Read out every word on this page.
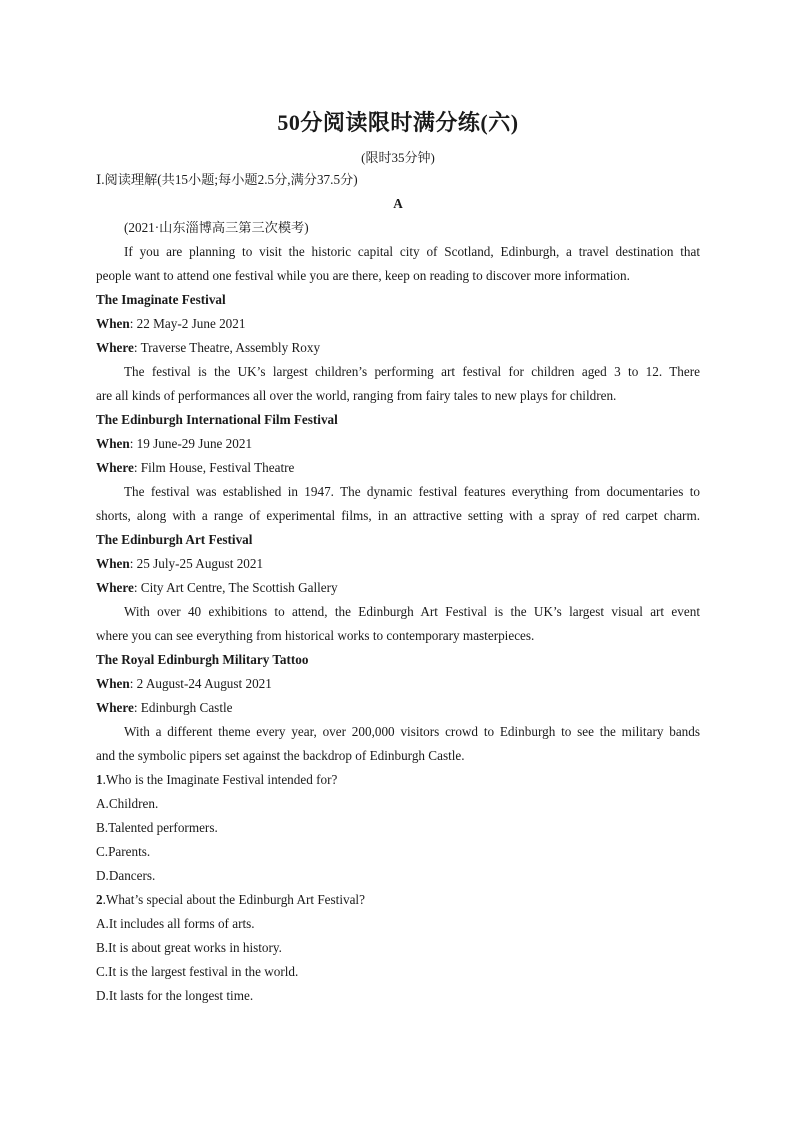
50分阅读限时满分练(六)
(限时35分钟)
Ⅰ.阅读理解(共15小题;每小题2.5分,满分37.5分)
A
(2021·山东淄博高三第三次模考)
If you are planning to visit the historic capital city of Scotland, Edinburgh, a travel destination that
people want to attend one festival while you are there, keep on reading to discover more information.
The Imaginate Festival
When: 22 May-2 June 2021
Where: Traverse Theatre, Assembly Roxy
The festival is the UK’s largest children’s performing art festival for children aged 3 to 12. There
are all kinds of performances all over the world, ranging from fairy tales to new plays for children.
The Edinburgh International Film Festival
When: 19 June-29 June 2021
Where: Film House, Festival Theatre
The festival was established in 1947. The dynamic festival features everything from documentaries to
shorts, along with a range of experimental films, in an attractive setting with a spray of red carpet charm.
The Edinburgh Art Festival
When: 25 July-25 August 2021
Where: City Art Centre, The Scottish Gallery
With over 40 exhibitions to attend, the Edinburgh Art Festival is the UK’s largest visual art event
where you can see everything from historical works to contemporary masterpieces.
The Royal Edinburgh Military Tattoo
When: 2 August-24 August 2021
Where: Edinburgh Castle
With a different theme every year, over 200,000 visitors crowd to Edinburgh to see the military bands
and the symbolic pipers set against the backdrop of Edinburgh Castle.
1.Who is the Imaginate Festival intended for?
A.Children.
B.Talented performers.
C.Parents.
D.Dancers.
2.What’s special about the Edinburgh Art Festival?
A.It includes all forms of arts.
B.It is about great works in history.
C.It is the largest festival in the world.
D.It lasts for the longest time.
